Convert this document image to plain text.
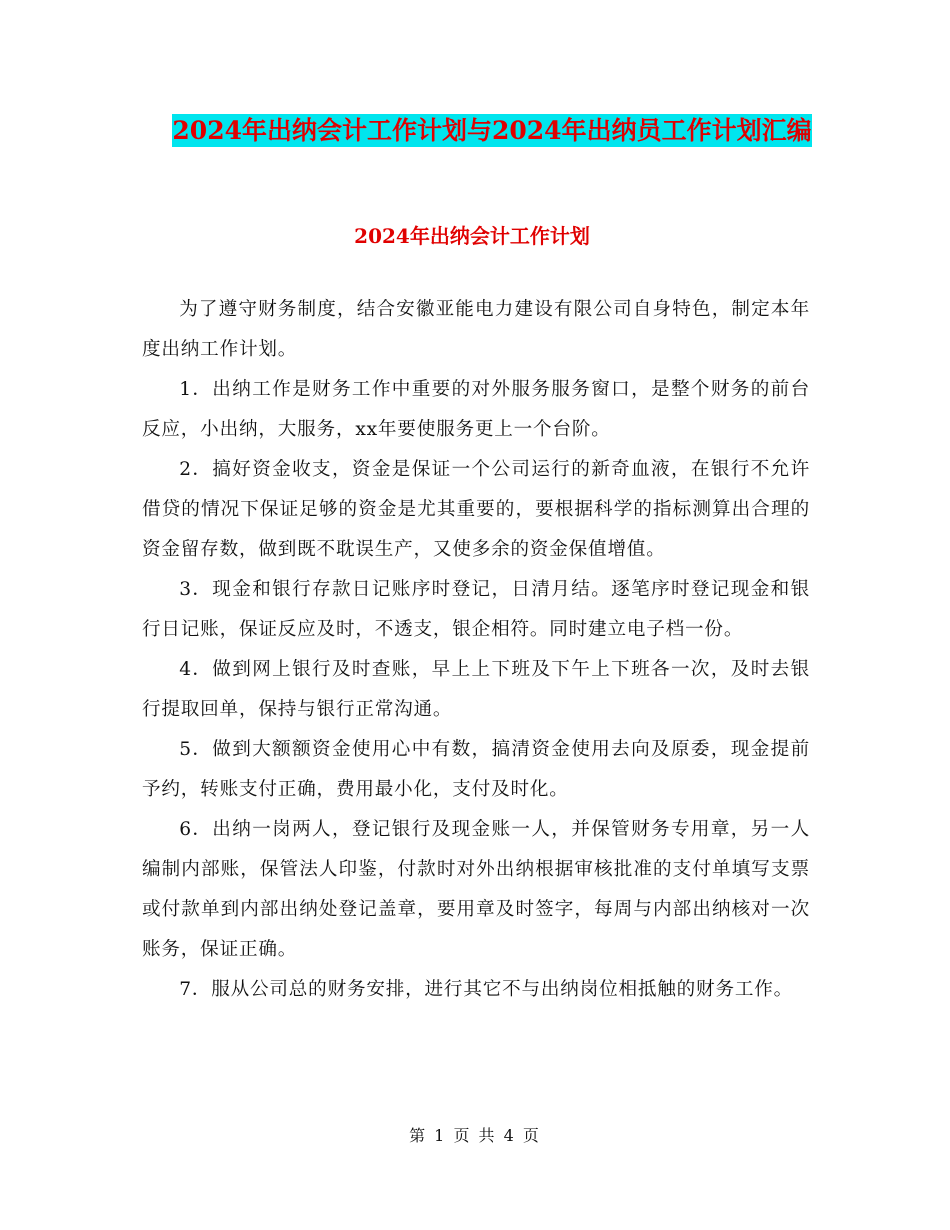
2024年出纳会计工作计划与2024年出纳员工作计划汇编
2024年出纳会计工作计划

为了遵守财务制度，结合安徽亚能电力建设有限公司自身特色，制定本年度出纳工作计划。

1．出纳工作是财务工作中重要的对外服务服务窗口，是整个财务的前台反应，小出纳，大服务，xx年要使服务更上一个台阶。

2．搞好资金收支，资金是保证一个公司运行的新奇血液，在银行不允许借贷的情况下保证足够的资金是尤其重要的，要根据科学的指标测算出合理的资金留存数，做到既不耽误生产，又使多余的资金保值增值。

3．现金和银行存款日记账序时登记，日清月结。逐笔序时登记现金和银行日记账，保证反应及时，不透支，银企相符。同时建立电子档一份。

4．做到网上银行及时查账，早上上下班及下午上下班各一次，及时去银行提取回单，保持与银行正常沟通。

5．做到大额额资金使用心中有数，搞清资金使用去向及原委，现金提前予约，转账支付正确，费用最小化，支付及时化。

6．出纳一岗两人，登记银行及现金账一人，并保管财务专用章，另一人编制内部账，保管法人印鉴，付款时对外出纳根据审核批准的支付单填写支票或付款单到内部出纳处登记盖章，要用章及时签字，每周与内部出纳核对一次账务，保证正确。

7．服从公司总的财务安排，进行其它不与出纳岗位相抵触的财务工作。

第 1 页 共 4 页
